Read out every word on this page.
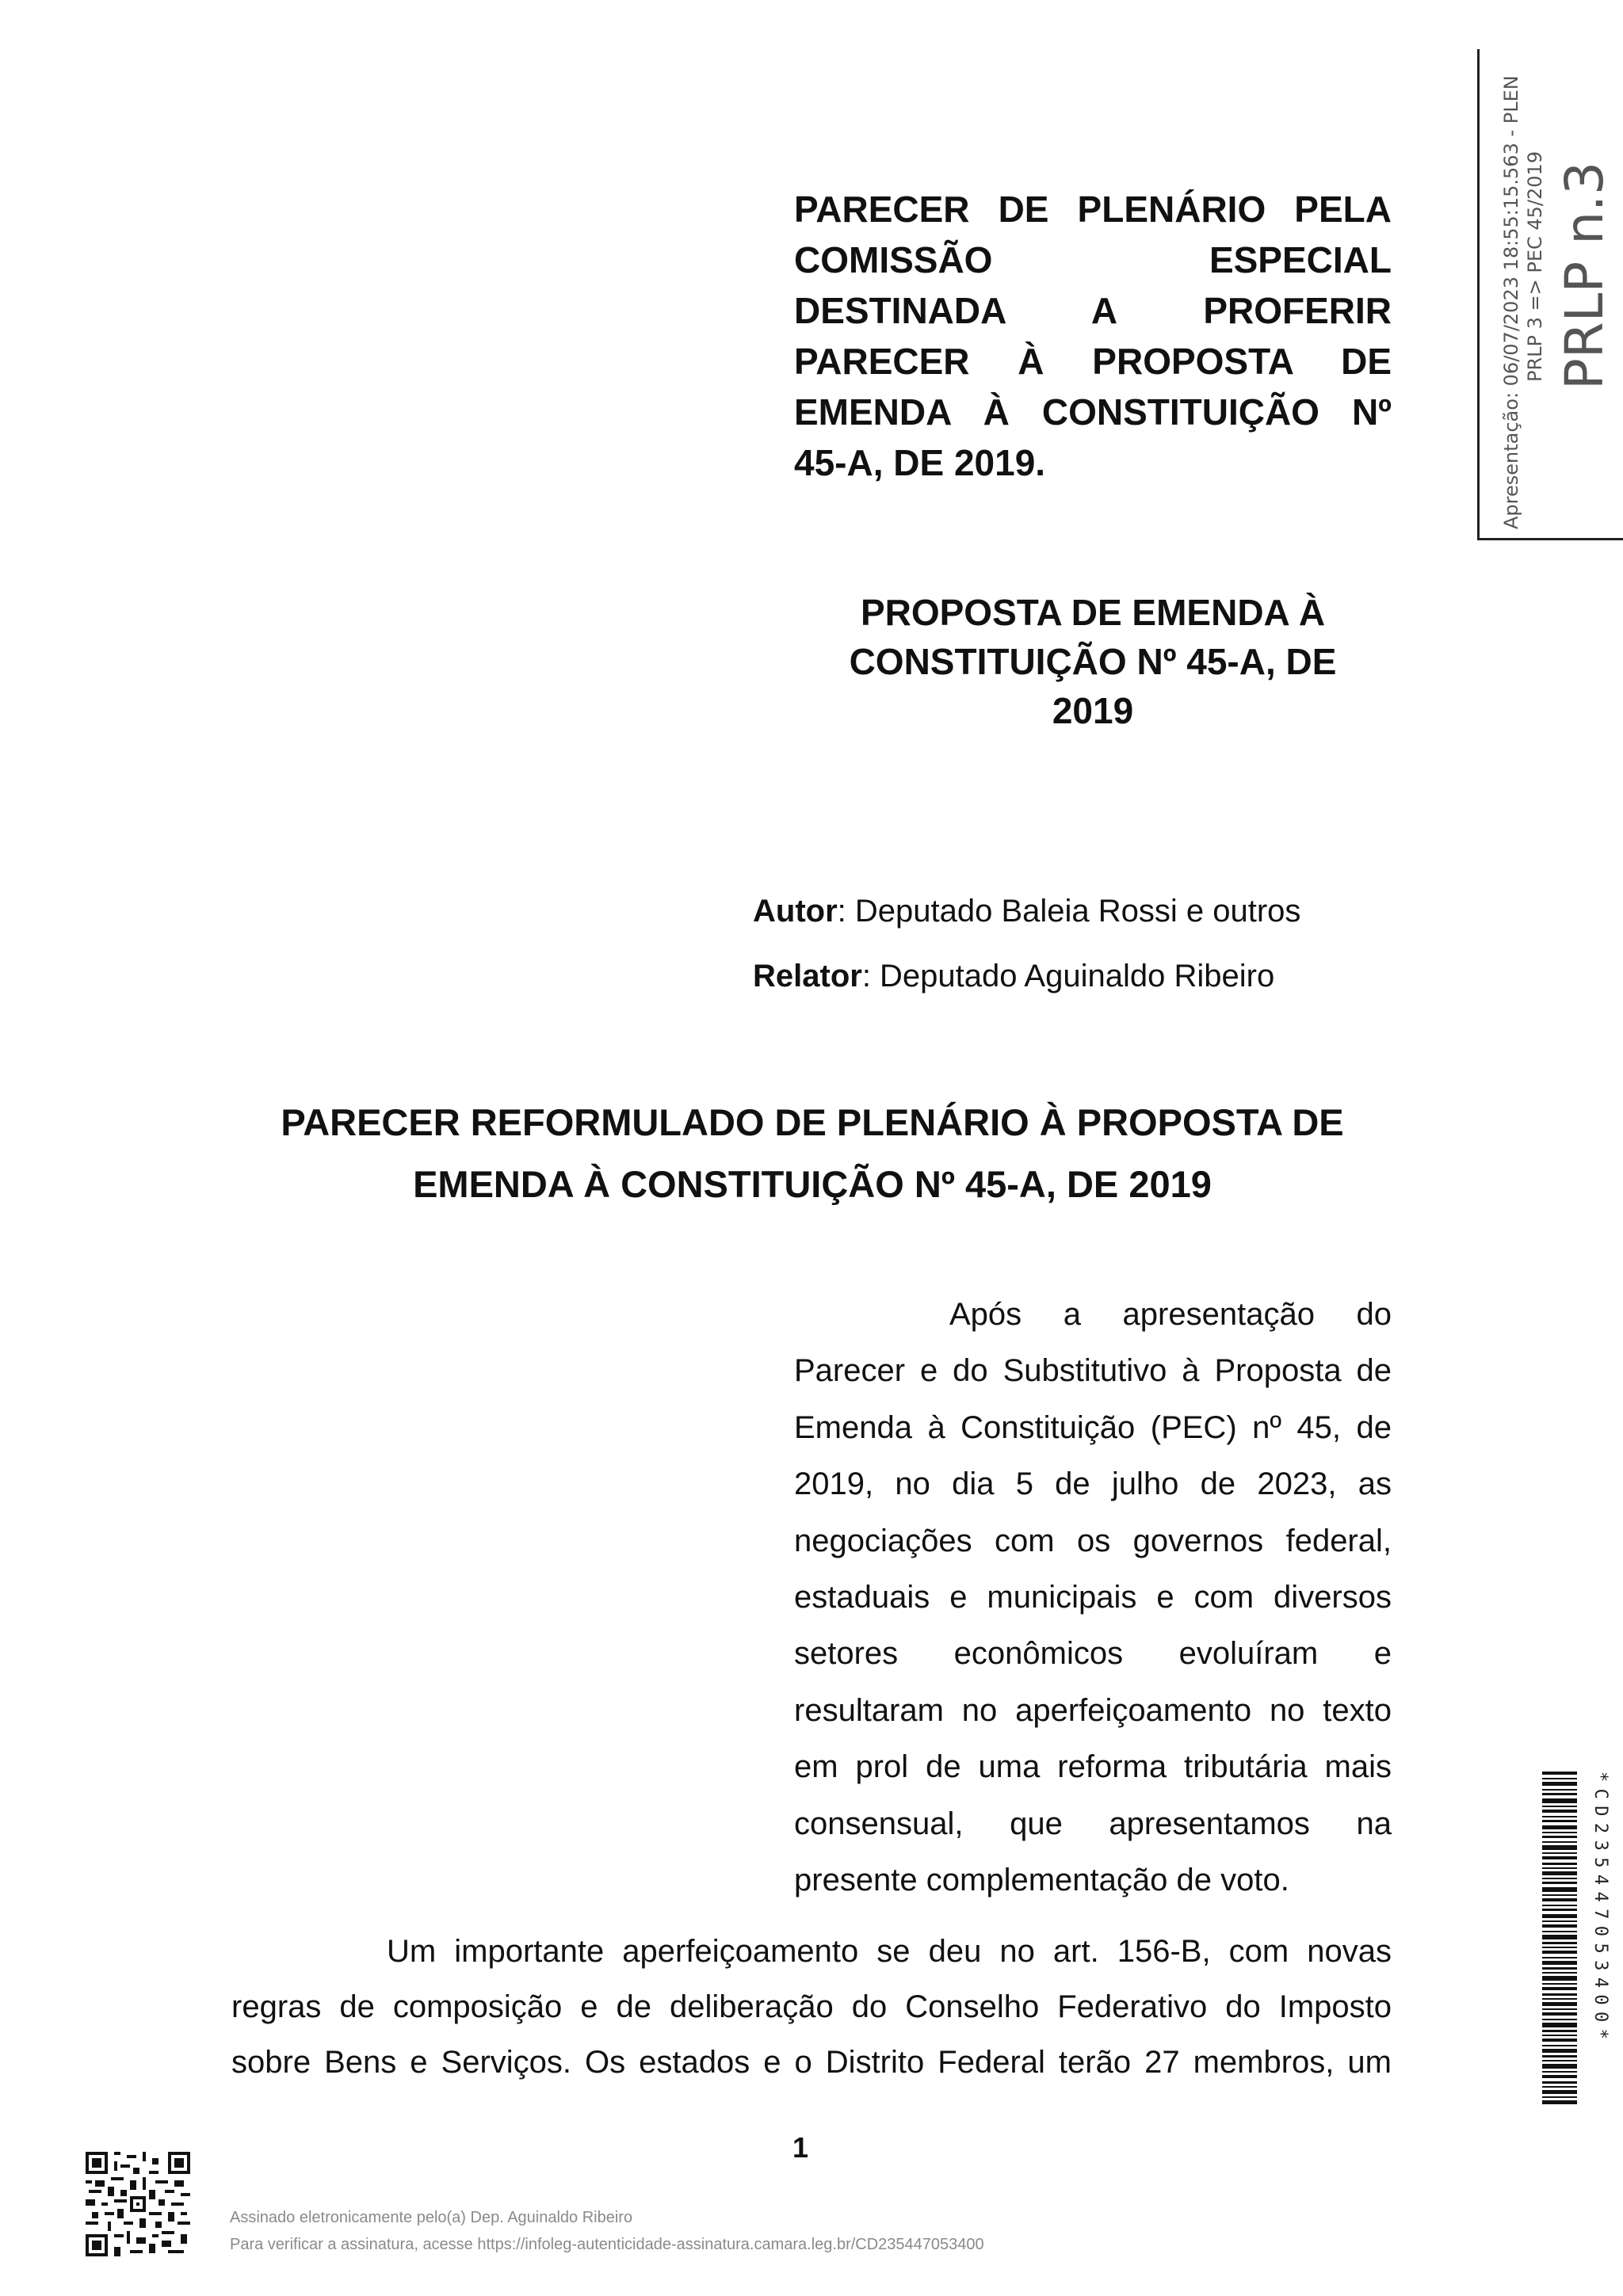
PARECER DE PLENÁRIO PELA
COMISSÃO ESPECIAL
DESTINADA A PROFERIR
PARECER À PROPOSTA DE
EMENDA À CONSTITUIÇÃO Nº
45-A, DE 2019.
PROPOSTA DE EMENDA À
CONSTITUIÇÃO Nº 45-A, DE
2019
Autor: Deputado Baleia Rossi e outros
Relator: Deputado Aguinaldo Ribeiro
PARECER REFORMULADO DE PLENÁRIO À PROPOSTA DE
EMENDA À CONSTITUIÇÃO Nº 45-A, DE 2019
Após a apresentação do
Parecer e do Substitutivo à Proposta de
Emenda à Constituição (PEC) nº 45, de
2019, no dia 5 de julho de 2023, as
negociações com os governos federal,
estaduais e municipais e com diversos
setores econômicos evoluíram e
resultaram no aperfeiçoamento no texto
em prol de uma reforma tributária mais
consensual, que apresentamos na
presente complementação de voto.
Um importante aperfeiçoamento se deu no art. 156-B, com novas
regras de composição e de deliberação do Conselho Federativo do Imposto
sobre Bens e Serviços. Os estados e o Distrito Federal terão 27 membros, um
1
Apresentação: 06/07/2023 18:55:15.563 - PLEN PRLP 3 => PEC 45/2019 PRLP n.3
*CD235447053400*
Assinado eletronicamente pelo(a) Dep. Aguinaldo Ribeiro
Para verificar a assinatura, acesse https://infoleg-autenticidade-assinatura.camara.leg.br/CD235447053400
